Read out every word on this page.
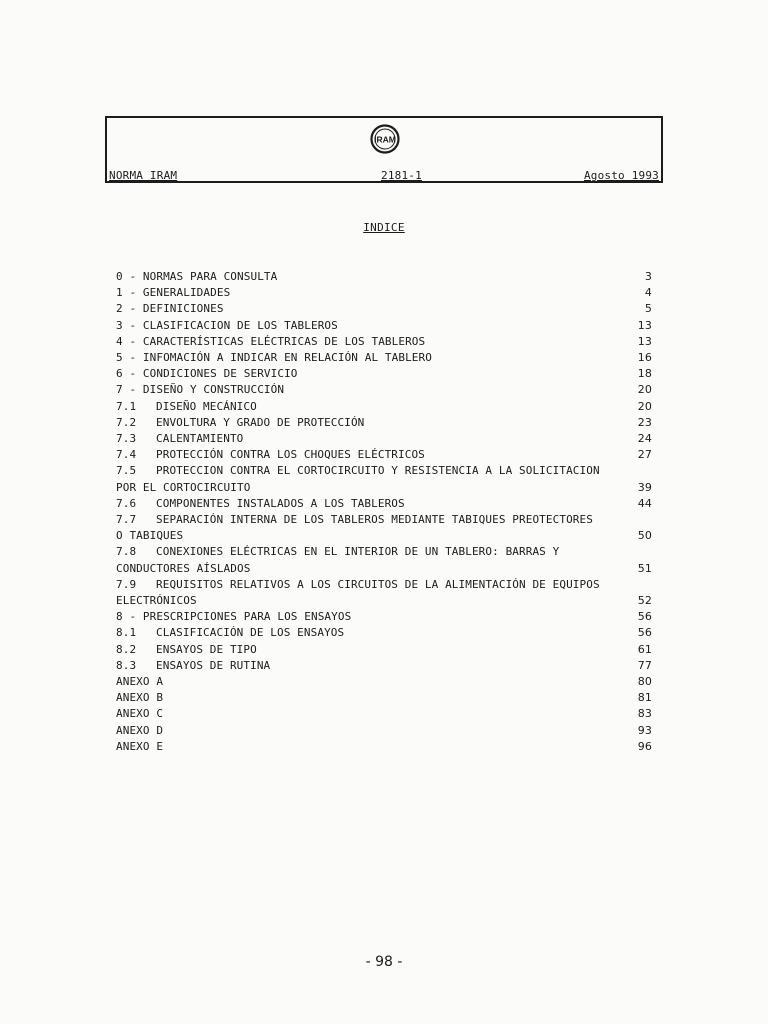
IRAM
NORMA IRAM	2181-1	Agosto 1993
INDICE
0 - NORMAS PARA CONSULTA	3
1 - GENERALIDADES	4
2 - DEFINICIONES	5
3 - CLASIFICACION DE LOS TABLEROS	13
4 - CARACTERÍSTICAS ELÉCTRICAS DE LOS TABLEROS	13
5 - INFOMACIÓN A INDICAR EN RELACIÓN AL TABLERO	16
6 - CONDICIONES DE SERVICIO	18
7 - DISEÑO Y CONSTRUCCIÓN	20
7.1 DISEÑO MECÁNICO	20
7.2 ENVOLTURA Y GRADO DE PROTECCIÓN	23
7.3 CALENTAMIENTO	24
7.4 PROTECCIÓN CONTRA LOS CHOQUES ELÉCTRICOS	27
7.5 PROTECCION CONTRA EL CORTOCIRCUITO Y RESISTENCIA A LA SOLICITACION
POR EL CORTOCIRCUITO	39
7.6 COMPONENTES INSTALADOS A LOS TABLEROS	44
7.7 SEPARACIÓN INTERNA DE LOS TABLEROS MEDIANTE TABIQUES PREOTECTORES
O TABIQUES	50
7.8 CONEXIONES ELÉCTRICAS EN EL INTERIOR DE UN TABLERO: BARRAS Y
CONDUCTORES AÍSLADOS	51
7.9 REQUISITOS RELATIVOS A LOS CIRCUITOS DE LA ALIMENTACIÓN DE EQUIPOS
ELECTRÓNICOS	52
8 - PRESCRIPCIONES PARA LOS ENSAYOS	56
8.1 CLASIFICACIÓN DE LOS ENSAYOS	56
8.2 ENSAYOS DE TIPO	61
8.3 ENSAYOS DE RUTINA	77
ANEXO A	80
ANEXO B	81
ANEXO C	83
ANEXO D	93
ANEXO E	96
- 98 -
